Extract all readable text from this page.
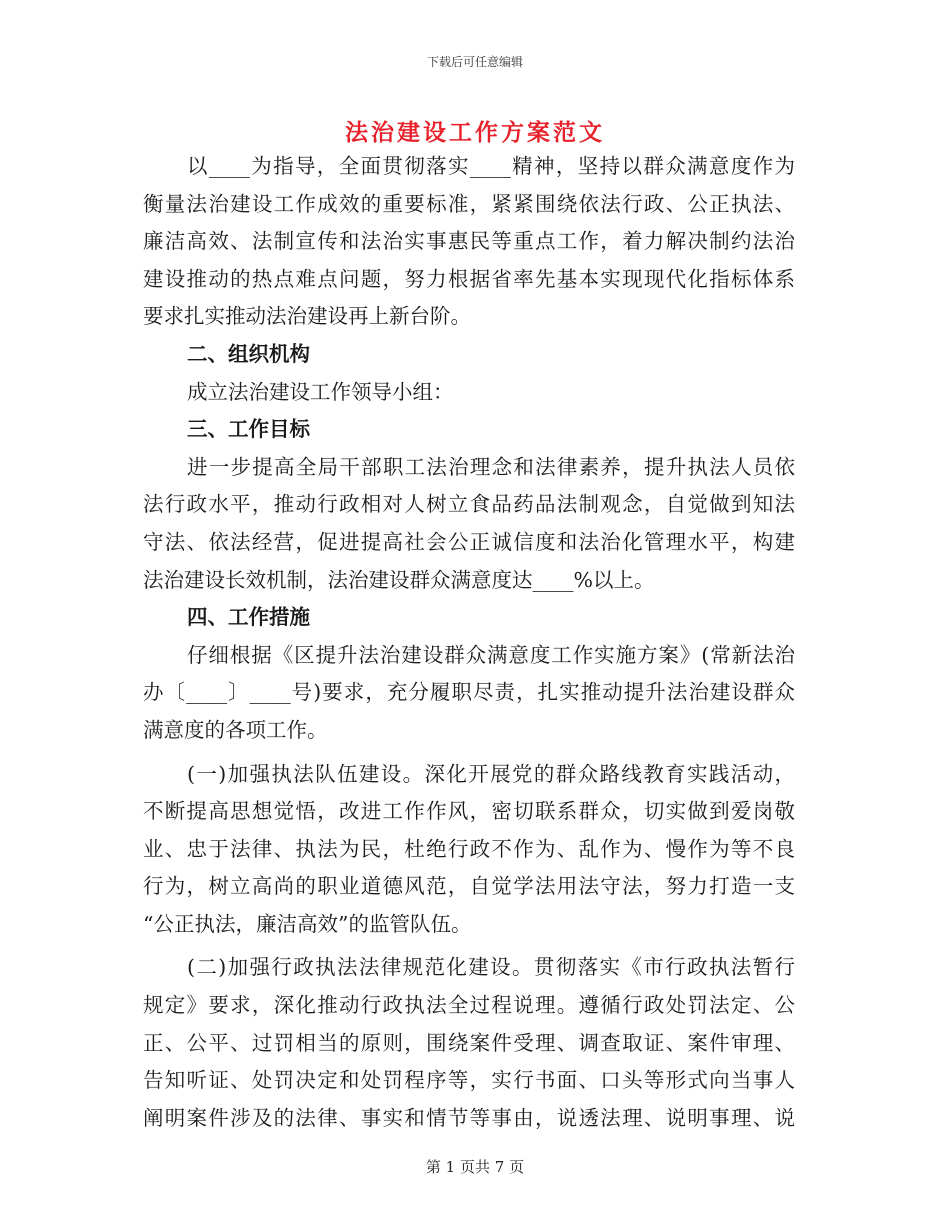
下载后可任意编辑
法治建设工作方案范文
以____为指导，全面贯彻落实____精神，坚持以群众满意度作为
衡量法治建设工作成效的重要标准，紧紧围绕依法行政、公正执法、
廉洁高效、法制宣传和法治实事惠民等重点工作，着力解决制约法治
建设推动的热点难点问题，努力根据省率先基本实现现代化指标体系
要求扎实推动法治建设再上新台阶。
二、组织机构
成立法治建设工作领导小组：
三、工作目标
进一步提高全局干部职工法治理念和法律素养，提升执法人员依
法行政水平，推动行政相对人树立食品药品法制观念，自觉做到知法
守法、依法经营，促进提高社会公正诚信度和法治化管理水平，构建
法治建设长效机制，法治建设群众满意度达____%以上。
四、工作措施
仔细根据《区提升法治建设群众满意度工作实施方案》(常新法治
办〔____〕____号)要求，充分履职尽责，扎实推动提升法治建设群众
满意度的各项工作。
(一)加强执法队伍建设。深化开展党的群众路线教育实践活动，
不断提高思想觉悟，改进工作作风，密切联系群众，切实做到爱岗敬
业、忠于法律、执法为民，杜绝行政不作为、乱作为、慢作为等不良
行为，树立高尚的职业道德风范，自觉学法用法守法，努力打造一支
“公正执法，廉洁高效”的监管队伍。
(二)加强行政执法法律规范化建设。贯彻落实《市行政执法暂行
规定》要求，深化推动行政执法全过程说理。遵循行政处罚法定、公
正、公平、过罚相当的原则，围绕案件受理、调查取证、案件审理、
告知听证、处罚决定和处罚程序等，实行书面、口头等形式向当事人
阐明案件涉及的法律、事实和情节等事由，说透法理、说明事理、说
第 1 页共 7 页
